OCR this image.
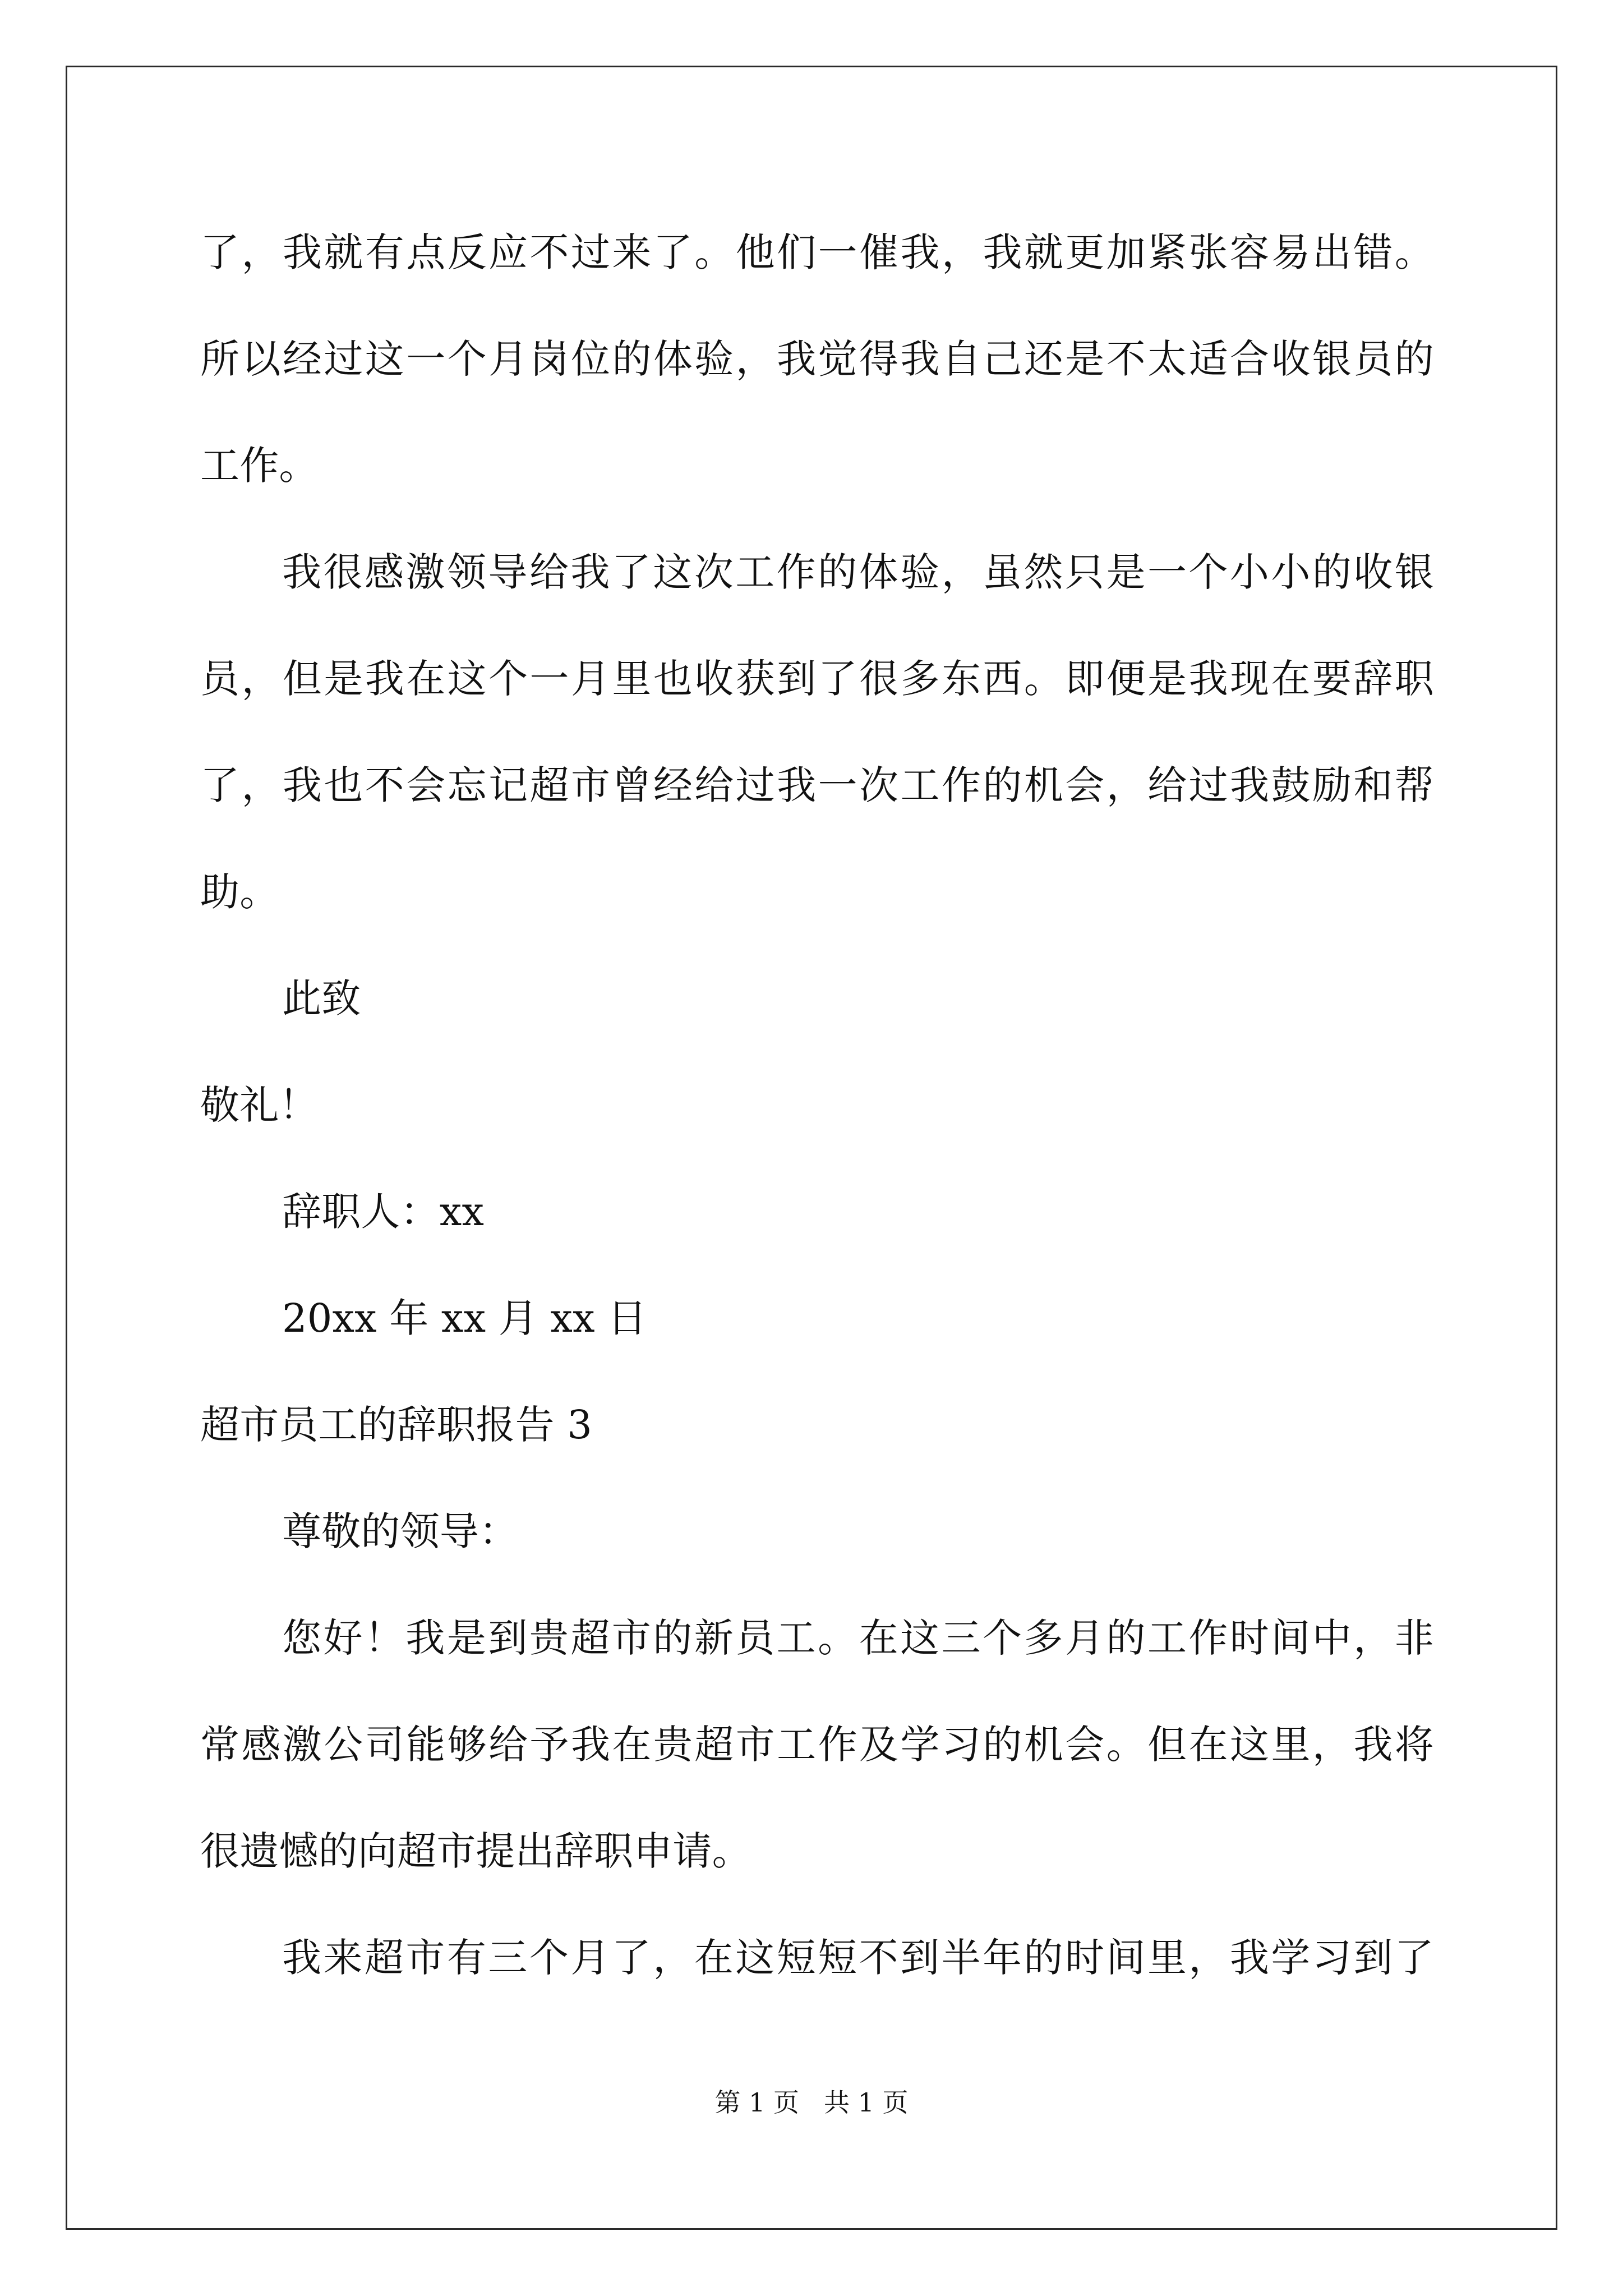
了，我就有点反应不过来了。他们一催我，我就更加紧张容易出错。
所以经过这一个月岗位的体验，我觉得我自己还是不太适合收银员的
工作。
我很感激领导给我了这次工作的体验，虽然只是一个小小的收银
员，但是我在这个一月里也收获到了很多东西。即便是我现在要辞职
了，我也不会忘记超市曾经给过我一次工作的机会，给过我鼓励和帮
助。
此致
敬礼！
辞职人：xx
20xx 年 xx 月 xx 日
超市员工的辞职报告 3
尊敬的领导：
您好！我是到贵超市的新员工。在这三个多月的工作时间中，非
常感激公司能够给予我在贵超市工作及学习的机会。但在这里，我将
很遗憾的向超市提出辞职申请。
我来超市有三个月了，在这短短不到半年的时间里，我学习到了
第 1 页 共 1 页
